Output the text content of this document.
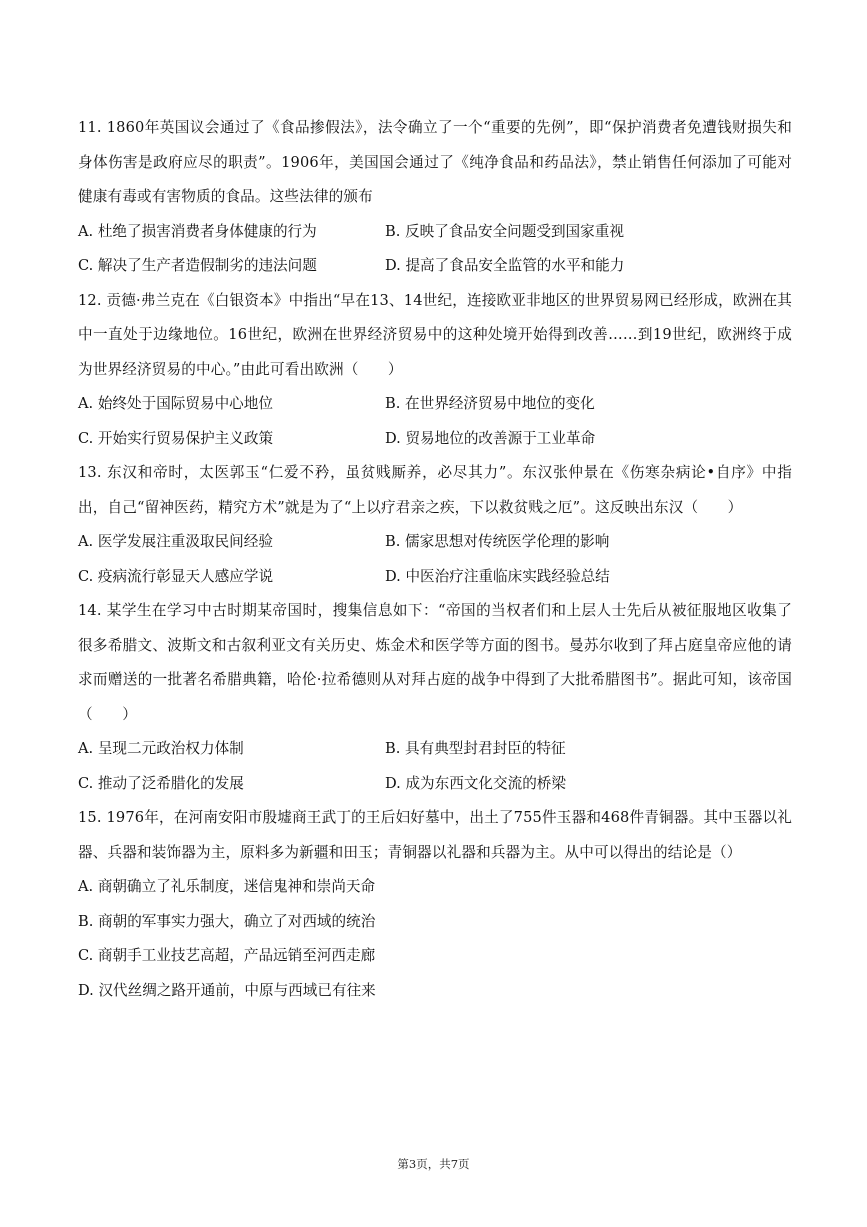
11. 1860年英国议会通过了《食品掺假法》，法令确立了一个“重要的先例”，即“保护消费者免遭钱财损失和身体伤害是政府应尽的职责”。1906年，美国国会通过了《纯净食品和药品法》，禁止销售任何添加了可能对健康有毒或有害物质的食品。这些法律的颁布

A. 杜绝了损害消费者身体健康的行为	B. 反映了食品安全问题受到国家重视
C. 解决了生产者造假制劣的违法问题	D. 提高了食品安全监管的水平和能力

12. 贡德·弗兰克在《白银资本》中指出“早在13、14世纪，连接欧亚非地区的世界贸易网已经形成，欧洲在其中一直处于边缘地位。16世纪，欧洲在世界经济贸易中的这种处境开始得到改善……到19世纪，欧洲终于成为世界经济贸易的中心。”由此可看出欧洲（　　）

A. 始终处于国际贸易中心地位	B. 在世界经济贸易中地位的变化
C. 开始实行贸易保护主义政策	D. 贸易地位的改善源于工业革命

13. 东汉和帝时，太医郭玉“仁爱不矜，虽贫贱厮养，必尽其力”。东汉张仲景在《伤寒杂病论•自序》中指出，自己“留神医药，精究方术”就是为了“上以疗君亲之疾，下以救贫贱之厄”。这反映出东汉（　　）

A. 医学发展注重汲取民间经验	B. 儒家思想对传统医学伦理的影响
C. 疫病流行彰显天人感应学说	D. 中医治疗注重临床实践经验总结

14. 某学生在学习中古时期某帝国时，搜集信息如下：“帝国的当权者们和上层人士先后从被征服地区收集了很多希腊文、波斯文和古叙利亚文有关历史、炼金术和医学等方面的图书。曼苏尔收到了拜占庭皇帝应他的请求而赠送的一批著名希腊典籍，哈伦·拉希德则从对拜占庭的战争中得到了大批希腊图书”。据此可知，该帝国（　　）

A. 呈现二元政治权力体制	B. 具有典型封君封臣的特征
C. 推动了泛希腊化的发展	D. 成为东西文化交流的桥梁

15. 1976年，在河南安阳市殷墟商王武丁的王后妇好墓中，出土了755件玉器和468件青铜器。其中玉器以礼器、兵器和装饰器为主，原料多为新疆和田玉；青铜器以礼器和兵器为主。从中可以得出的结论是（）

A. 商朝确立了礼乐制度，迷信鬼神和崇尚天命
B. 商朝的军事实力强大，确立了对西域的统治
C. 商朝手工业技艺高超，产品远销至河西走廊
D. 汉代丝绸之路开通前，中原与西域已有往来
第3页，共7页
